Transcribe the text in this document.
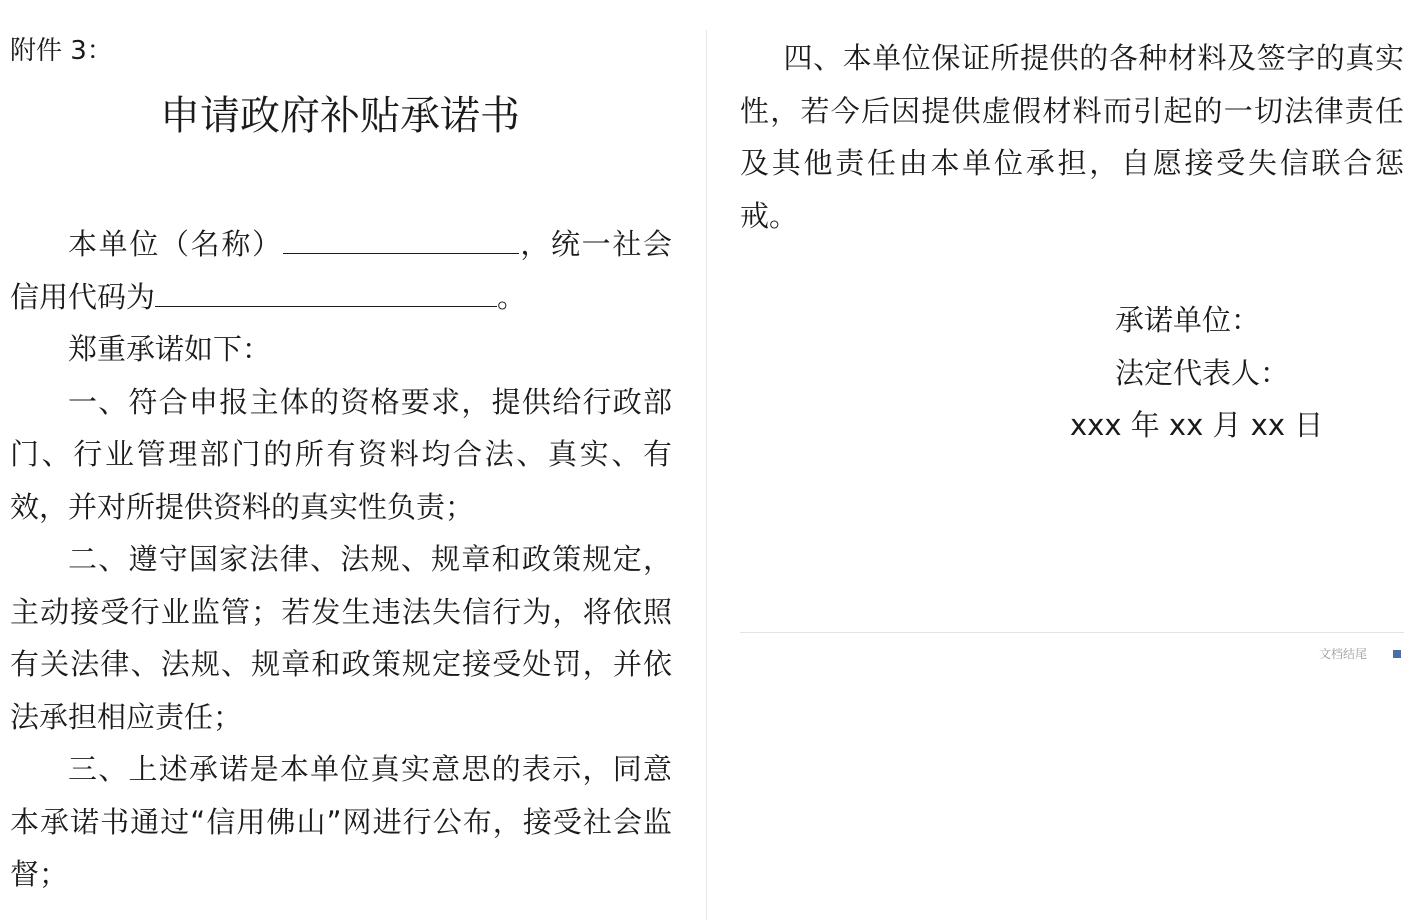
附件 3：
申请政府补贴承诺书

本单位（名称）	，统一社会信用代码为	。

郑重承诺如下：

一、符合申报主体的资格要求，提供给行政部门、行业管理部门的所有资料均合法、真实、有效，并对所提供资料的真实性负责；

二、遵守国家法律、法规、规章和政策规定，主动接受行业监管；若发生违法失信行为，将依照有关法律、法规、规章和政策规定接受处罚，并依法承担相应责任；

三、上述承诺是本单位真实意思的表示，同意本承诺书通过“信用佛山”网进行公布，接受社会监督；

四、本单位保证所提供的各种材料及签字的真实性，若今后因提供虚假材料而引起的一切法律责任及其他责任由本单位承担，自愿接受失信联合惩戒。

承诺单位：
法定代表人：
xxx 年 xx 月 xx 日
文档结尾
